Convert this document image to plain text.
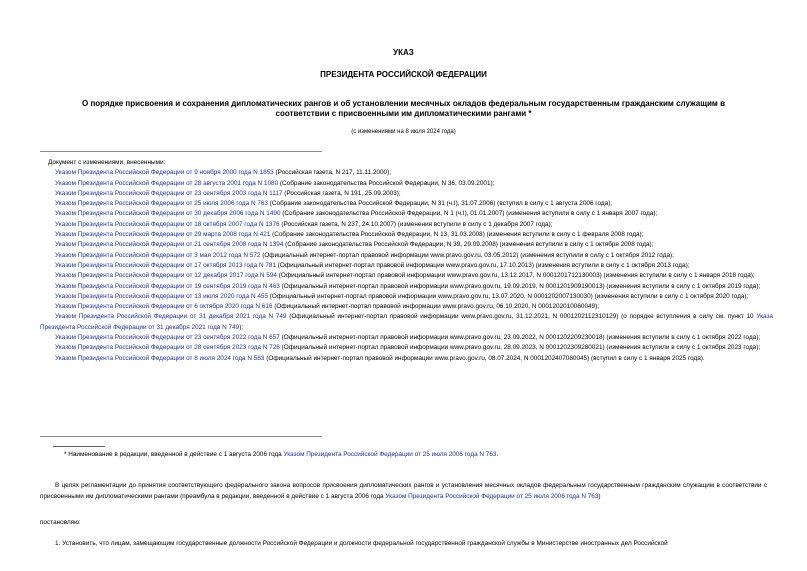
УКАЗ
ПРЕЗИДЕНТА РОССИЙСКОЙ ФЕДЕРАЦИИ
О порядке присвоения и сохранения дипломатических рангов и об установлении месячных окладов федеральным государственным гражданским служащим в
соответствии с присвоенными им дипломатическими рангами *
(с изменениями на 8 июля 2024 года)
Документ с изменениями, внесенными:
Указом Президента Российской Федерации от 9 ноября 2000 года N 1853 (Российская газета, N 217, 11.11.2000);
Указом Президента Российской Федерации от 28 августа 2001 года N 1080 (Собрание законодательства Российской Федерации, N 36, 03.09.2001);
Указом Президента Российской Федерации от 23 сентября 2003 года N 1117 (Российская газета, N 191, 25.09.2003);
Указом Президента Российской Федерации от 25 июля 2006 года N 763 (Собрание законодательства Российской Федерации, N 31 (ч.I), 31.07.2006) (вступил в силу с 1 августа 2006 года);
Указом Президента Российской Федерации от 30 декабря 2006 года N 1490 (Собрание законодательства Российской Федерации, N 1 (ч.I), 01.01.2007) (изменения вступили в силу с 1 января 2007 года);
Указом Президента Российской Федерации от 18 октября 2007 года N 1376 (Российская газета, N 237, 24.10.2007) (изменения вступили в силу с 1 декабря 2007 года);
Указом Президента Российской Федерации от 29 марта 2008 года N 421 (Собрание законодательства Российской Федерации, N 13, 31.03.2008) (изменения вступили в силу с 1 февраля 2008 года);
Указом Президента Российской Федерации от 21 сентября 2008 года N 1394 (Собрание законодательства Российской Федерации, N 39, 29.09.2008) (изменения вступили в силу с 1 октября 2008 года);
Указом Президента Российской Федерации от 3 мая 2012 года N 572 (Официальный интернет-портал правовой информации www.pravo.gov.ru, 03.05.2012) (изменения вступили в силу с 1 октября 2012 года);
Указом Президента Российской Федерации от 17 октября 2013 года N 781 (Официальный интернет-портал правовой информации www.pravo.gov.ru, 17.10.2013) (изменения вступили в силу с 1 октября 2013 года);
Указом Президента Российской Федерации от 12 декабря 2017 года N 594 (Официальный интернет-портал правовой информации www.pravo.gov.ru, 13.12.2017, N 0001201712130003) (изменения вступили в силу с 1 января 2018 года);
Указом Президента Российской Федерации от 19 сентября 2019 года N 463 (Официальный интернет-портал правовой информации www.pravo.gov.ru, 19.09.2019, N 0001201909190013) (изменения вступили в силу с 1 октября 2019 года);
Указом Президента Российской Федерации от 13 июля 2020 года N 455 (Официальный интернет-портал правовой информации www.pravo.gov.ru, 13.07.2020, N 0001202007130030) (изменения вступили в силу с 1 октября 2020 года);
Указом Президента Российской Федерации от 6 октября 2020 года N 616 (Официальный интернет-портал правовой информации www.pravo.gov.ru, 06.10.2020, N 0001202010060049);
Указом Президента Российской Федерации от 31 декабря 2021 года N 749 (Официальный интернет-портал правовой информации www.pravo.gov.ru, 31.12.2021, N 0001202112310129) (о порядке вступления в силу см. пункт 10 Указа Президента Российской Федерации от 31 декабря 2021 года N 749);
Указом Президента Российской Федерации от 23 сентября 2022 года N 657 (Официальный интернет-портал правовой информации www.pravo.gov.ru, 23.09.2022, N 0001202209230018) (изменения вступили в силу с 1 октября 2022 года);
Указом Президента Российской Федерации от 28 сентября 2023 года N 726 (Официальный интернет-портал правовой информации www.pravo.gov.ru, 28.09.2023, N 0001202309280021) (изменения вступили в силу с 1 октября 2023 года);
Указом Президента Российской Федерации от 8 июля 2024 года N 583 (Официальный интернет-портал правовой информации www.pravo.gov.ru, 08.07.2024, N 0001202407080045) (вступил в силу с 1 января 2025 года).
* Наименование в редакции, введенной в действие с 1 августа 2006 года Указом Президента Российской Федерации от 25 июля 2006 года N 763.
В целях регламентации до принятия соответствующего федерального закона вопросов присвоения дипломатических рангов и установления месячных окладов федеральным государственным гражданским служащим в соответствии с присвоенными им дипломатическими рангами (преамбула в редакции, введенной в действие с 1 августа 2006 года Указом Президента Российской Федерации от 25 июля 2006 года N 763)
постановляю:
1. Установить, что лицам, замещающим государственные должности Российской Федерации и должности федеральной государственной гражданской службы в Министерстве иностранных дел Российской
